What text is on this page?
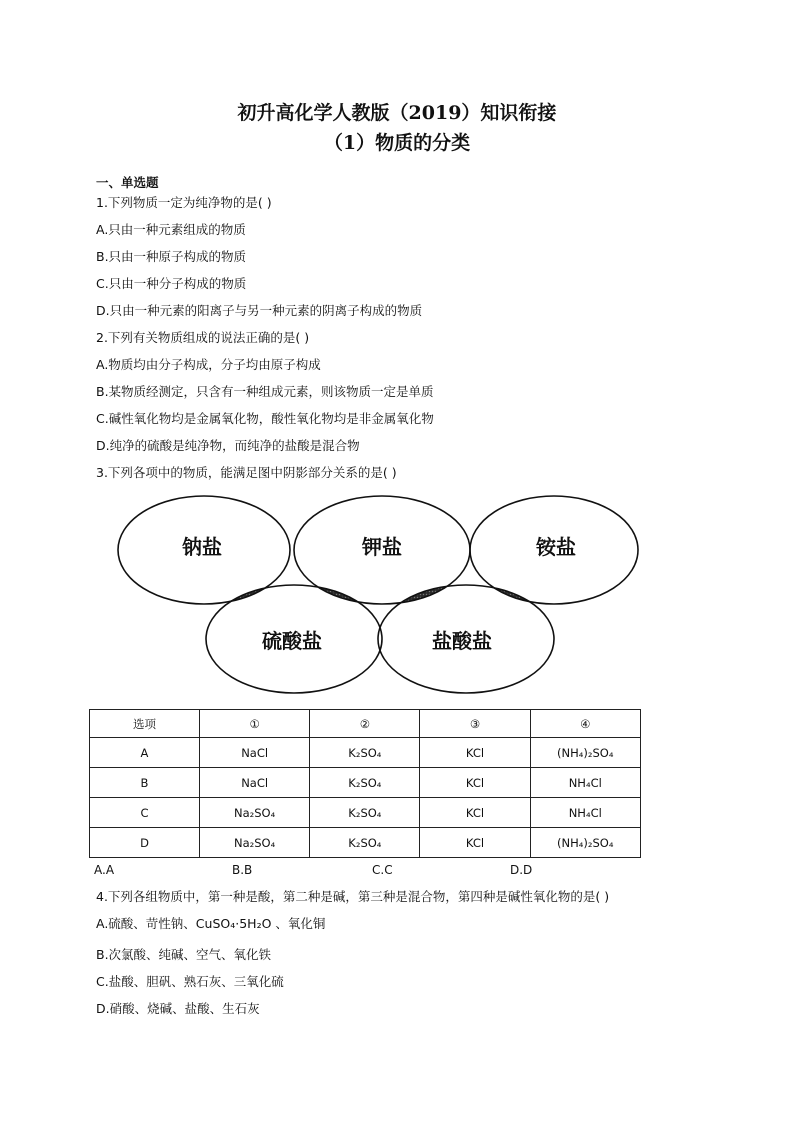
初升高化学人教版（2019）知识衔接
（1）物质的分类
一、单选题
1.下列物质一定为纯净物的是( )
A.只由一种元素组成的物质
B.只由一种原子构成的物质
C.只由一种分子构成的物质
D.只由一种元素的阳离子与另一种元素的阴离子构成的物质
2.下列有关物质组成的说法正确的是( )
A.物质均由分子构成，分子均由原子构成
B.某物质经测定，只含有一种组成元素，则该物质一定是单质
C.碱性氧化物均是金属氧化物，酸性氧化物均是非金属氧化物
D.纯净的硫酸是纯净物，而纯净的盐酸是混合物
3.下列各项中的物质，能满足图中阴影部分关系的是( )
钠盐	钾盐	铵盐
硫酸盐	盐酸盐
选项	①	②	③	④
A	NaCl	K₂SO₄	KCl	(NH₄)₂SO₄
B	NaCl	K₂SO₄	KCl	NH₄Cl
C	Na₂SO₄	K₂SO₄	KCl	NH₄Cl
D	Na₂SO₄	K₂SO₄	KCl	(NH₄)₂SO₄
A.A	B.B	C.C	D.D
4.下列各组物质中，第一种是酸，第二种是碱，第三种是混合物，第四种是碱性氧化物的是( )
A.硫酸、苛性钠、CuSO₄·5H₂O 、氧化铜
B.次氯酸、纯碱、空气、氧化铁
C.盐酸、胆矾、熟石灰、三氧化硫
D.硝酸、烧碱、盐酸、生石灰
